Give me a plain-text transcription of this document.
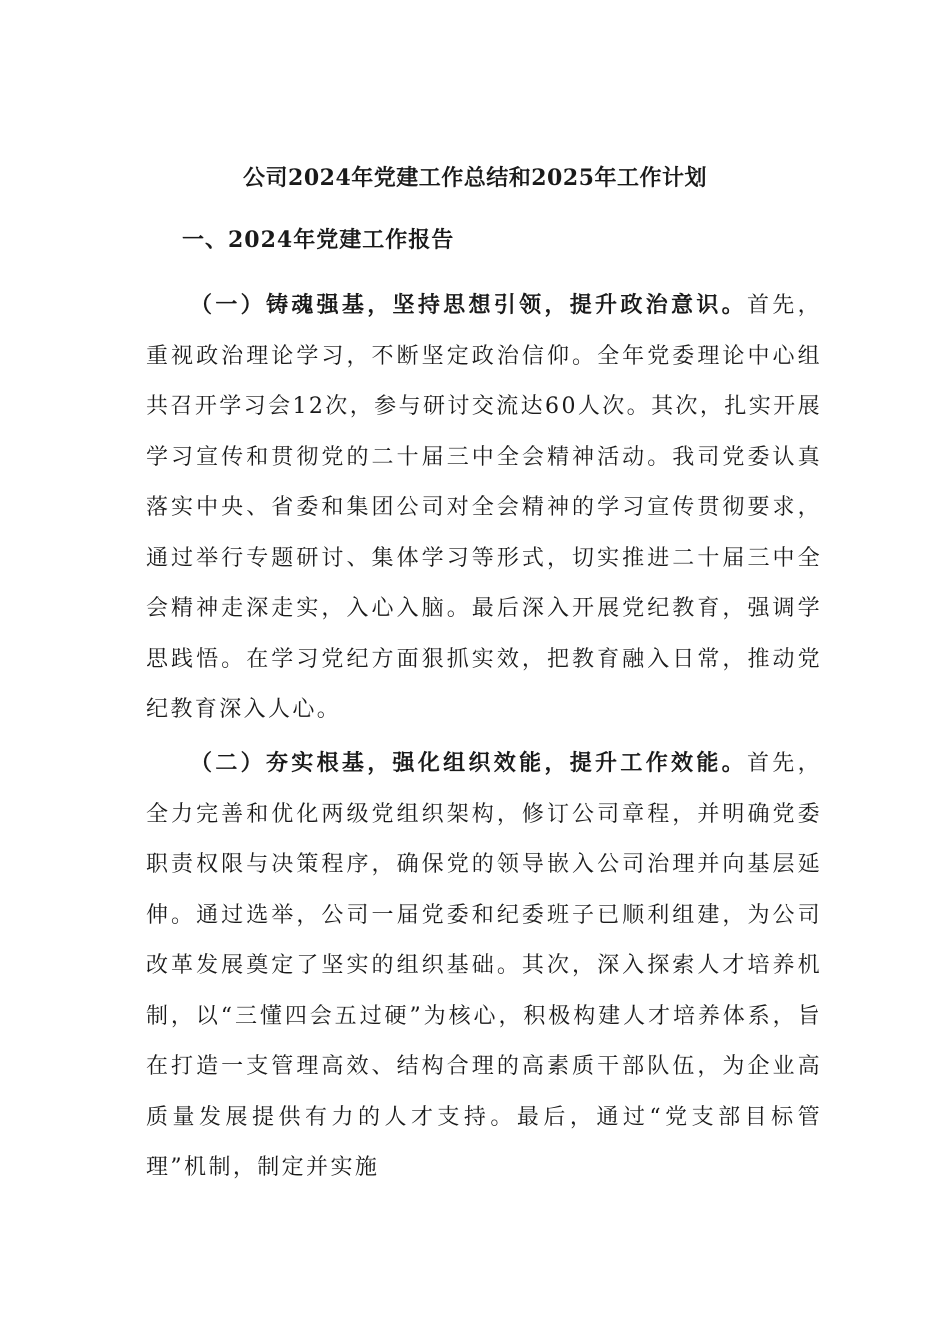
公司2024年党建工作总结和2025年工作计划
一、2024年党建工作报告

（一）铸魂强基，坚持思想引领，提升政治意识。首先，重视政治理论学习，不断坚定政治信仰。全年党委理论中心组共召开学习会12次，参与研讨交流达60人次。其次，扎实开展学习宣传和贯彻党的二十届三中全会精神活动。我司党委认真落实中央、省委和集团公司对全会精神的学习宣传贯彻要求，通过举行专题研讨、集体学习等形式，切实推进二十届三中全会精神走深走实，入心入脑。最后深入开展党纪教育，强调学思践悟。在学习党纪方面狠抓实效，把教育融入日常，推动党纪教育深入人心。

（二）夯实根基，强化组织效能，提升工作效能。首先，全力完善和优化两级党组织架构，修订公司章程，并明确党委职责权限与决策程序，确保党的领导嵌入公司治理并向基层延伸。通过选举，公司一届党委和纪委班子已顺利组建，为公司改革发展奠定了坚实的组织基础。其次，深入探索人才培养机制，以“三懂四会五过硬”为核心，积极构建人才培养体系，旨在打造一支管理高效、结构合理的高素质干部队伍，为企业高质量发展提供有力的人才支持。最后，通过“党支部目标管理”机制，制定并实施
